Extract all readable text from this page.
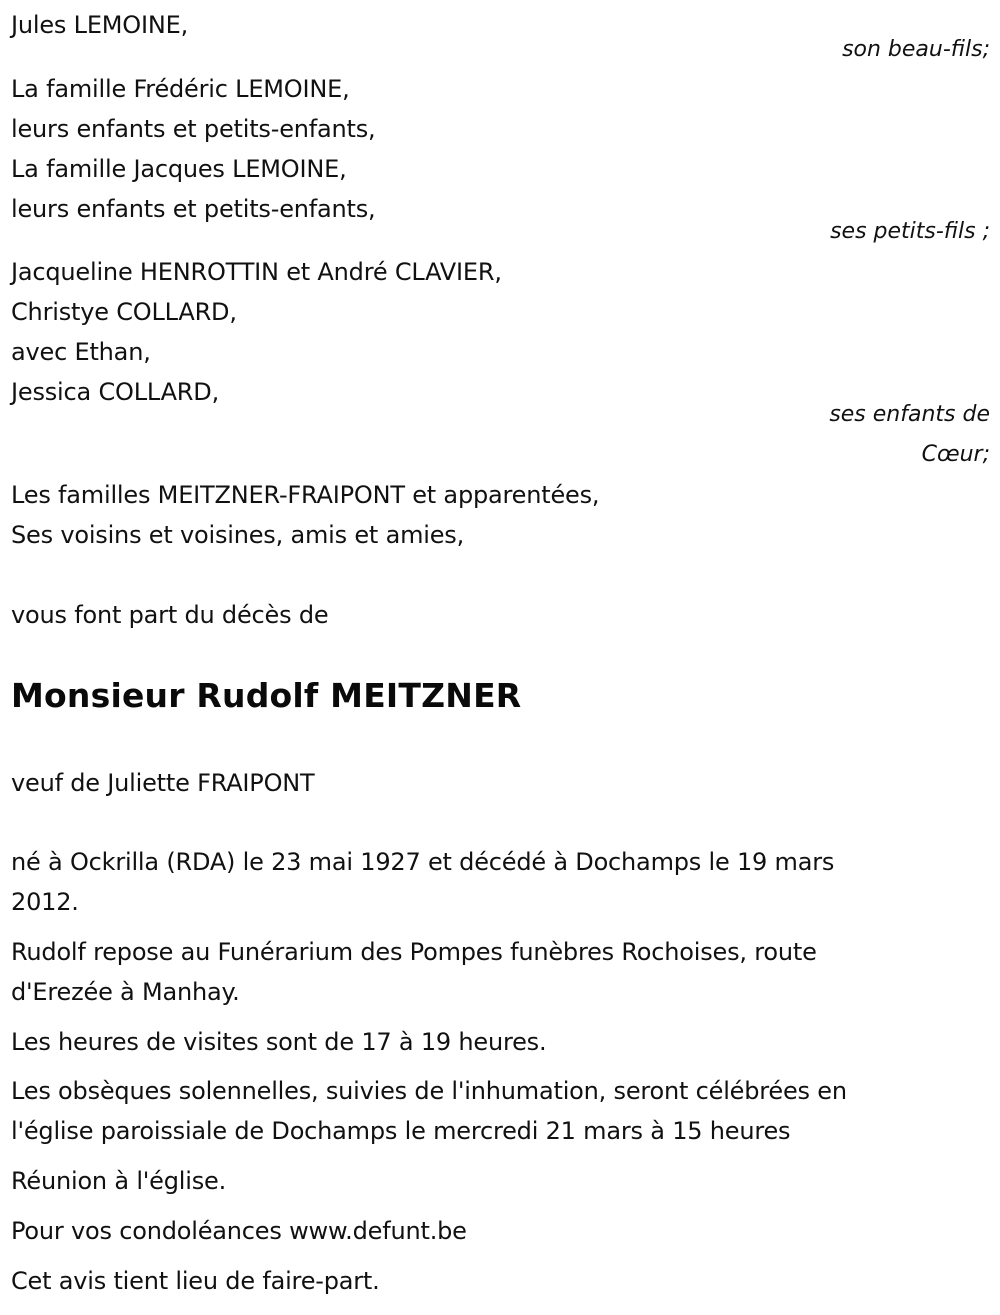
Jules LEMOINE,
son beau-fils;
La famille Frédéric LEMOINE,
leurs enfants et petits-enfants,
La famille Jacques LEMOINE,
leurs enfants et petits-enfants,
ses petits-fils ;
Jacqueline HENROTTIN et André CLAVIER,
Christye COLLARD,
avec Ethan,
Jessica COLLARD,
ses enfants de
Cœur;
Les familles MEITZNER-FRAIPONT et apparentées,
Ses voisins et voisines, amis et amies,
vous font part du décès de
Monsieur Rudolf MEITZNER
veuf de Juliette FRAIPONT
né à Ockrilla (RDA) le 23 mai 1927 et décédé à Dochamps le 19 mars
2012.
Rudolf repose au Funérarium des Pompes funèbres Rochoises, route
d'Erezée à Manhay.
Les heures de visites sont de 17 à 19 heures.
Les obsèques solennelles, suivies de l'inhumation, seront célébrées en
l'église paroissiale de Dochamps le mercredi 21 mars à 15 heures
Réunion à l'église.
Pour vos condoléances www.defunt.be
Cet avis tient lieu de faire-part.
